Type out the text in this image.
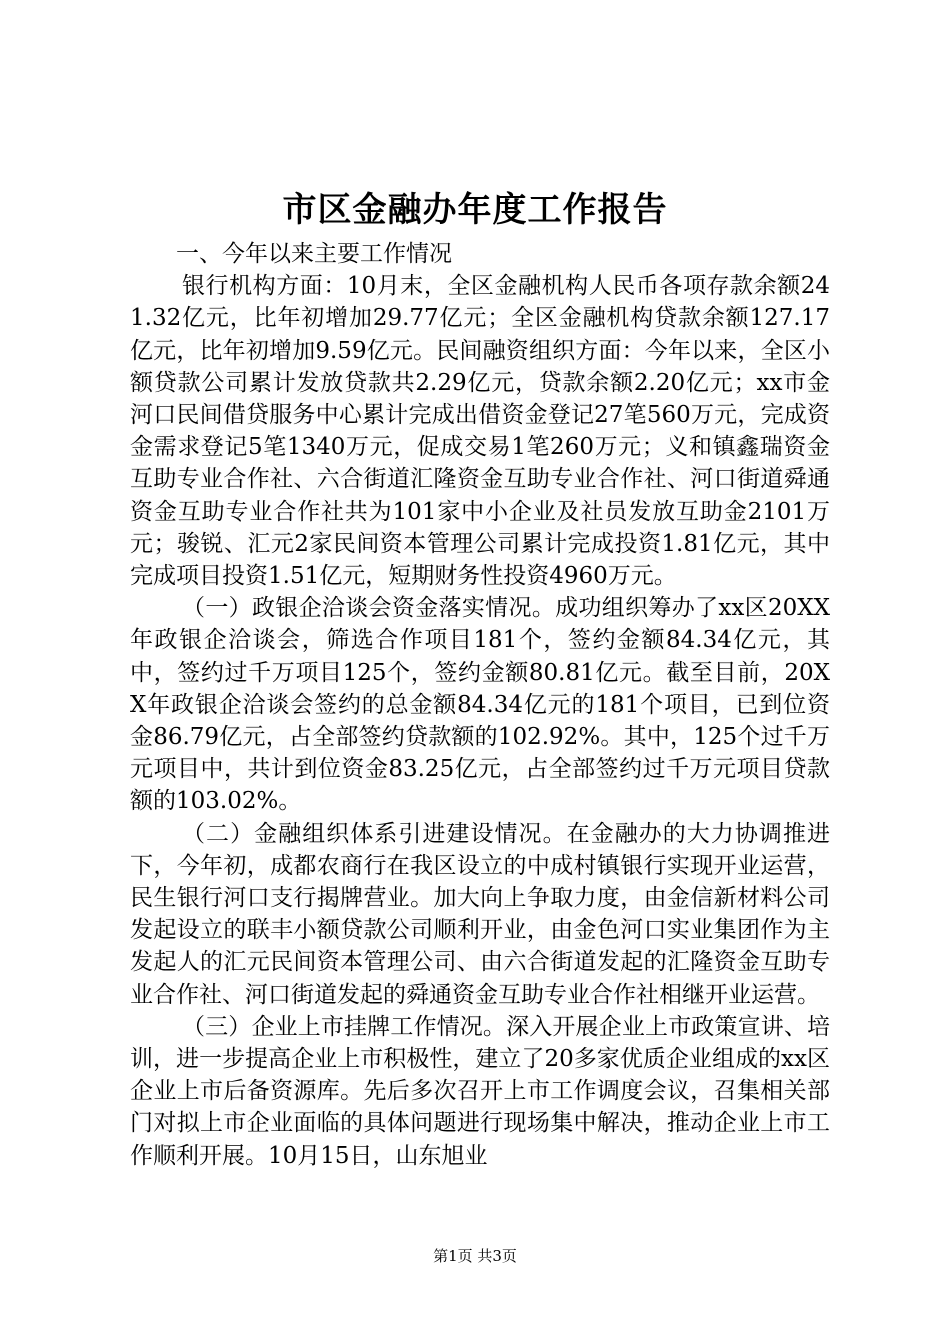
市区金融办年度工作报告

一、今年以来主要工作情况

银行机构方面：10月末，全区金融机构人民币各项存款余额241.32亿元，比年初增加29.77亿元；全区金融机构贷款余额127.17亿元，比年初增加9.59亿元。民间融资组织方面：今年以来，全区小额贷款公司累计发放贷款共2.29亿元，贷款余额2.20亿元；xx市金河口民间借贷服务中心累计完成出借资金登记27笔560万元，完成资金需求登记5笔1340万元，促成交易1笔260万元；义和镇鑫瑞资金互助专业合作社、六合街道汇隆资金互助专业合作社、河口街道舜通资金互助专业合作社共为101家中小企业及社员发放互助金2101万元；骏锐、汇元2家民间资本管理公司累计完成投资1.81亿元，其中完成项目投资1.51亿元，短期财务性投资4960万元。

（一）政银企洽谈会资金落实情况。成功组织筹办了xx区20XX年政银企洽谈会，筛选合作项目181个，签约金额84.34亿元，其中，签约过千万项目125个，签约金额80.81亿元。截至目前，20XX年政银企洽谈会签约的总金额84.34亿元的181个项目，已到位资金86.79亿元，占全部签约贷款额的102.92%。其中，125个过千万元项目中，共计到位资金83.25亿元，占全部签约过千万元项目贷款额的103.02%。

（二）金融组织体系引进建设情况。在金融办的大力协调推进下，今年初，成都农商行在我区设立的中成村镇银行实现开业运营，民生银行河口支行揭牌营业。加大向上争取力度，由金信新材料公司发起设立的联丰小额贷款公司顺利开业，由金色河口实业集团作为主发起人的汇元民间资本管理公司、由六合街道发起的汇隆资金互助专业合作社、河口街道发起的舜通资金互助专业合作社相继开业运营。

（三）企业上市挂牌工作情况。深入开展企业上市政策宣讲、培训，进一步提高企业上市积极性，建立了20多家优质企业组成的xx区企业上市后备资源库。先后多次召开上市工作调度会议，召集相关部门对拟上市企业面临的具体问题进行现场集中解决，推动企业上市工作顺利开展。10月15日，山东旭业

第1页 共3页
